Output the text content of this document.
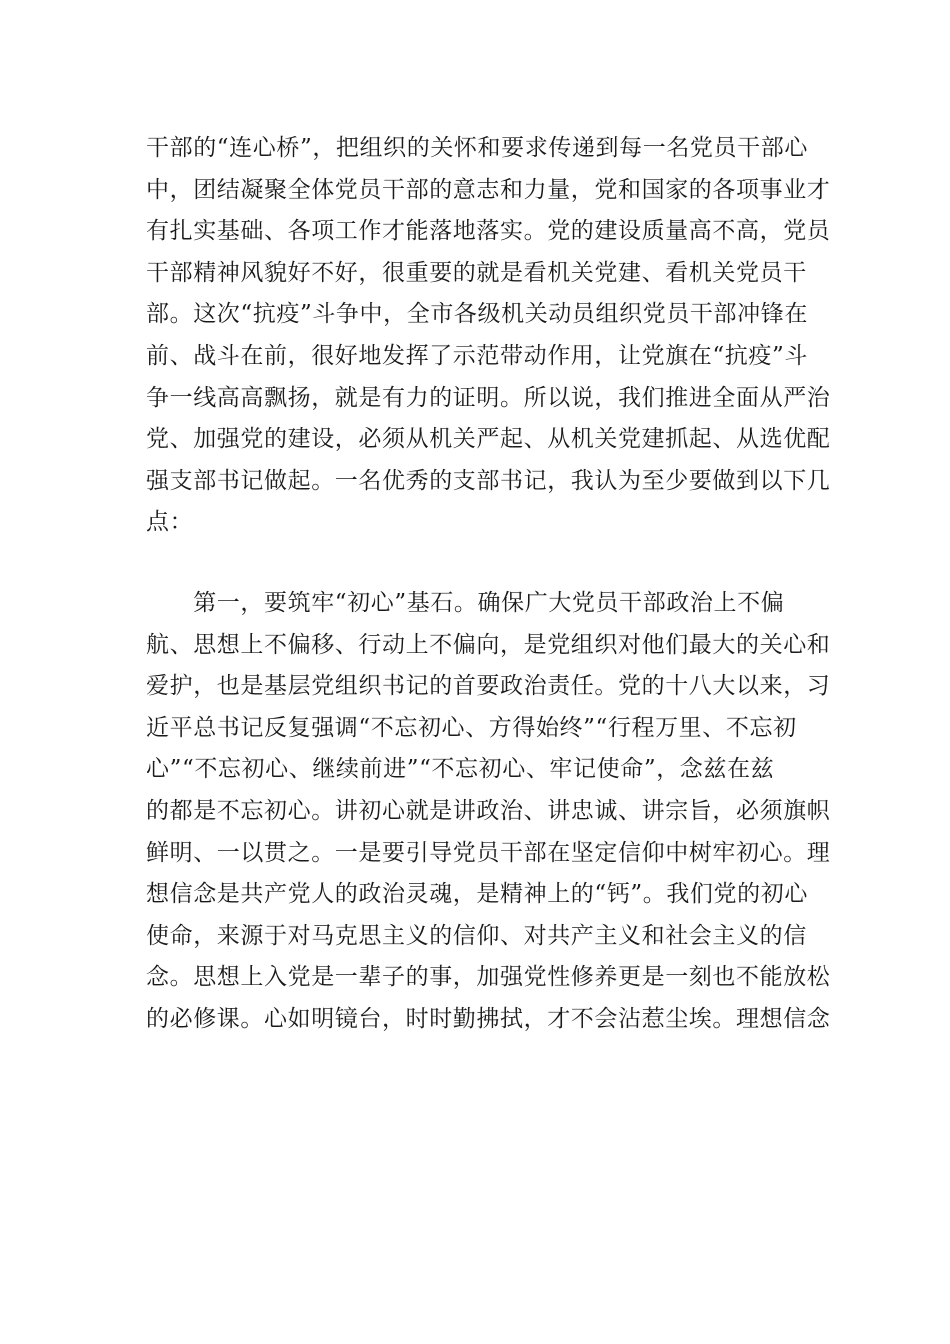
干部的“连心桥”，把组织的关怀和要求传递到每一名党员干部心
中，团结凝聚全体党员干部的意志和力量，党和国家的各项事业才
有扎实基础、各项工作才能落地落实。党的建设质量高不高，党员
干部精神风貌好不好，很重要的就是看机关党建、看机关党员干
部。这次“抗疫”斗争中，全市各级机关动员组织党员干部冲锋在
前、战斗在前，很好地发挥了示范带动作用，让党旗在“抗疫”斗
争一线高高飘扬，就是有力的证明。所以说，我们推进全面从严治
党、加强党的建设，必须从机关严起、从机关党建抓起、从选优配
强支部书记做起。一名优秀的支部书记，我认为至少要做到以下几
点：
　　第一，要筑牢“初心”基石。确保广大党员干部政治上不偏
航、思想上不偏移、行动上不偏向，是党组织对他们最大的关心和
爱护，也是基层党组织书记的首要政治责任。党的十八大以来，习
近平总书记反复强调“不忘初心、方得始终”“行程万里、不忘初
心”“不忘初心、继续前进”“不忘初心、牢记使命”，念兹在兹
的都是不忘初心。讲初心就是讲政治、讲忠诚、讲宗旨，必须旗帜
鲜明、一以贯之。一是要引导党员干部在坚定信仰中树牢初心。理
想信念是共产党人的政治灵魂，是精神上的“钙”。我们党的初心
使命，来源于对马克思主义的信仰、对共产主义和社会主义的信
念。思想上入党是一辈子的事，加强党性修养更是一刻也不能放松
的必修课。心如明镜台，时时勤拂拭，才不会沾惹尘埃。理想信念
